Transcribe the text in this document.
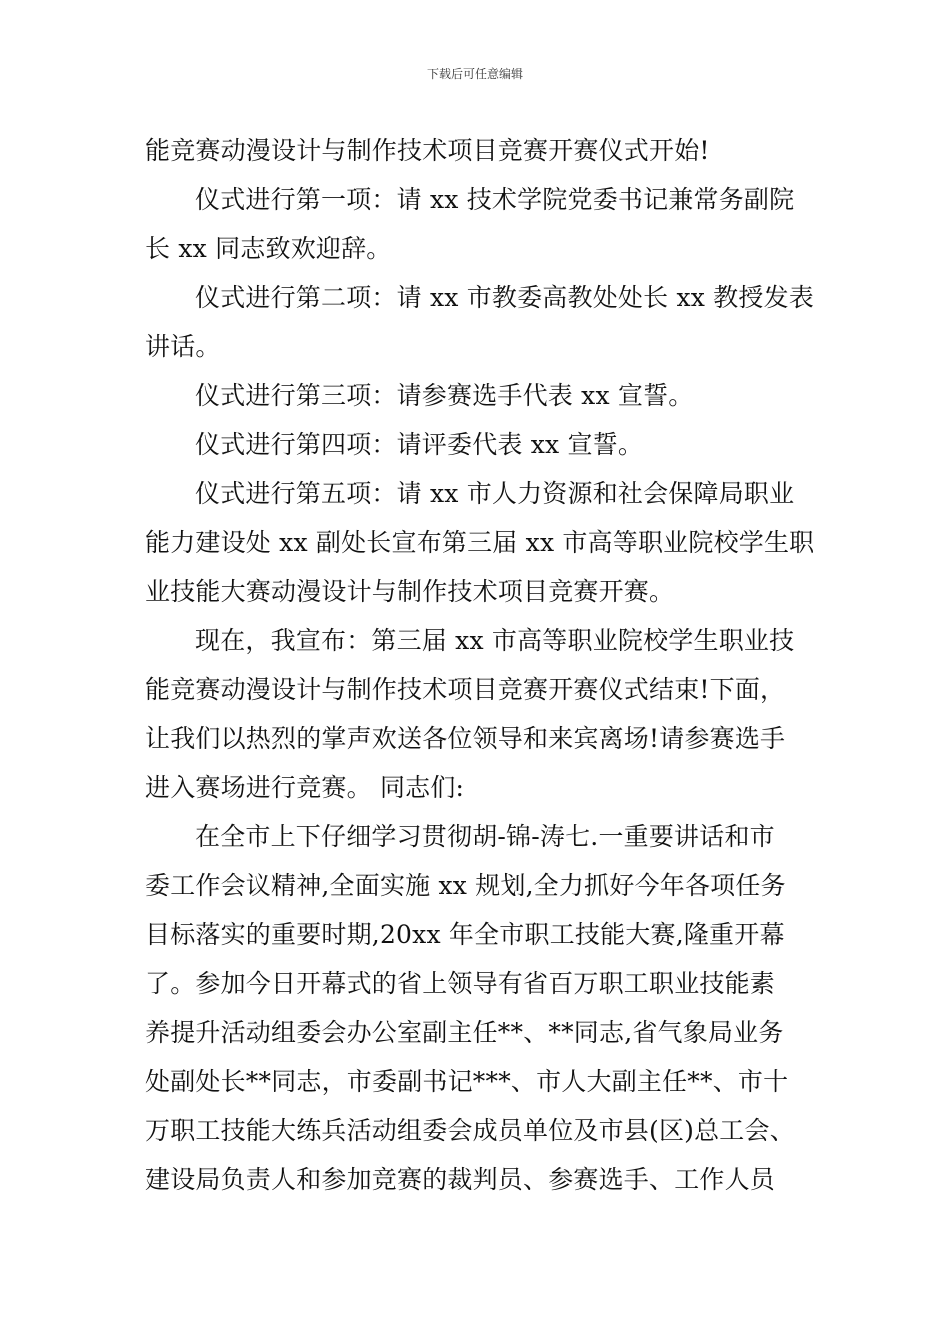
下载后可任意编辑
能竞赛动漫设计与制作技术项目竞赛开赛仪式开始!
仪式进行第一项：请 xx 技术学院党委书记兼常务副院
长 xx 同志致欢迎辞。
仪式进行第二项：请 xx 市教委高教处处长 xx 教授发表
讲话。
仪式进行第三项：请参赛选手代表 xx 宣誓。
仪式进行第四项：请评委代表 xx 宣誓。
仪式进行第五项：请 xx 市人力资源和社会保障局职业
能力建设处 xx 副处长宣布第三届 xx 市高等职业院校学生职
业技能大赛动漫设计与制作技术项目竞赛开赛。
现在，我宣布：第三届 xx 市高等职业院校学生职业技
能竞赛动漫设计与制作技术项目竞赛开赛仪式结束!下面，
让我们以热烈的掌声欢送各位领导和来宾离场!请参赛选手
进入赛场进行竞赛。 同志们:
在全市上下仔细学习贯彻胡-锦-涛七.一重要讲话和市
委工作会议精神,全面实施 xx 规划,全力抓好今年各项任务
目标落实的重要时期,20xx 年全市职工技能大赛,隆重开幕
了。参加今日开幕式的省上领导有省百万职工职业技能素
养提升活动组委会办公室副主任**、**同志,省气象局业务
处副处长**同志，市委副书记***、市人大副主任**、市十
万职工技能大练兵活动组委会成员单位及市县(区)总工会、
建设局负责人和参加竞赛的裁判员、参赛选手、工作人员
